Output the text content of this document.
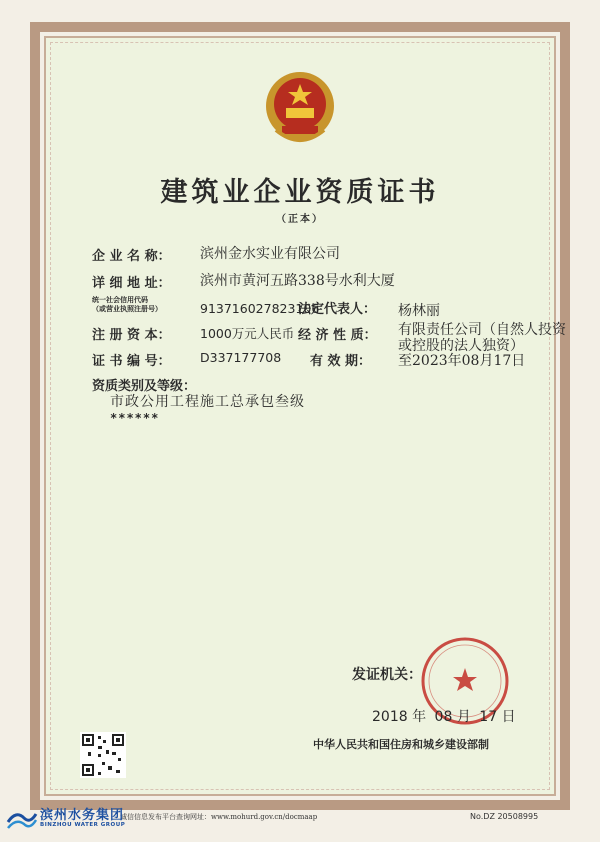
建筑业企业资质证书
（正本）
企 业 名 称： 滨州金水实业有限公司
详 细 地 址： 滨州市黄河五路338号水利大厦
统一社会信用代码
（或营业执照注册号）	913716027823106
法定代表人： 杨林丽
注 册 资 本： 1000万元人民币 经 济 性 质： 有限责任公司（自然人投资
或控股的法人独资）
证 书 编 号： D337177708 有 效 期： 至2023年08月17日
资质类别及等级：
市政公用工程施工总承包叁级
******
发证机关：
2018 年 08 月 17 日
中华人民共和国住房和城乡建设部制
诚信信息发布平台查询网址：www.mohurd.gov.cn/docmaap	No.DZ 20508995
滨州水务集团
BINZHOU WATER GROUP
